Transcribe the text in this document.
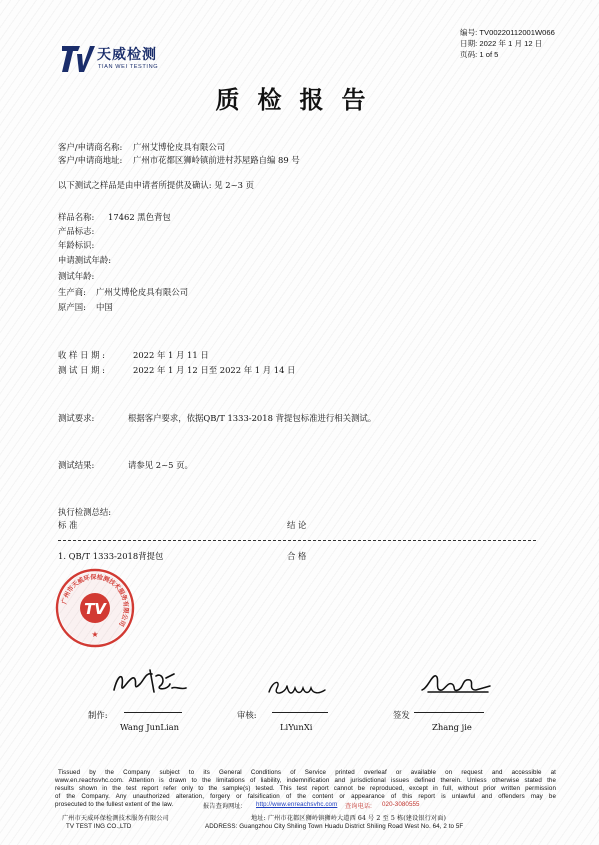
编号: TV00220112001W066
日期: 2022 年 1 月 12 日
页码: 1 of 5
天威检测
TIAN WEI TESTING
质检报告
客户/申请商名称: 广州艾博伦皮具有限公司
客户/申请商地址: 广州市花都区狮岭镇前进村苏屋路自编 89 号
以下测试之样品是由申请者所提供及确认: 见 2~3 页
样品名称: 17462 黑色背包
产品标志:
年龄标识:
申请测试年龄:
测试年龄:
生产商: 广州艾博伦皮具有限公司
原产国: 中国
收 样 日 期 :	2022 年 1 月 11 日
测 试 日 期 :	2022 年 1 月 12 日至 2022 年 1 月 14 日
测试要求:	根据客户要求，依据QB/T 1333-2018 背提包标准进行相关测试。
测试结果:	请参见 2~5 页。
执行检测总结:
标 准	结 论
1. QB/T 1333-2018背提包	合 格
广州市天威环保检测技术服务有限公司
TV
★
制作:
Wang JunLian
审核:
LiYunXi
签发
Zhang jie
Tissued by the Company subject to its General Conditions of Service printed overleaf or available on request and accessible at
www.en.reachsvhc.com. Attention is drawn to the limitations of liability, indemnification and jurisdictional issues defined therein. Unless otherwise stated the
results shown in the test report refer only to the sample(s) tested. This test report cannot be reproduced, except in full, without prior written permission
of the Company. Any unauthorized alteration, forgery or falsification of the content or appearance of this report is unlawful and offenders may be
prosecuted to the fullest extent of the law.	报告查询网址: http://www.enreachsvhc.com 查询电话: 020-3080555
广州市天威环保检测技术服务有限公司
TV TEST ING CO.,LTD
地址: 广州市花都区狮岭镇狮岭大道西 64 号 2 至 5 栋(建设银行对面)
ADDRESS: Guangzhou City Shiling Town Huadu District Shiling Road West No. 64, 2 to 5F
